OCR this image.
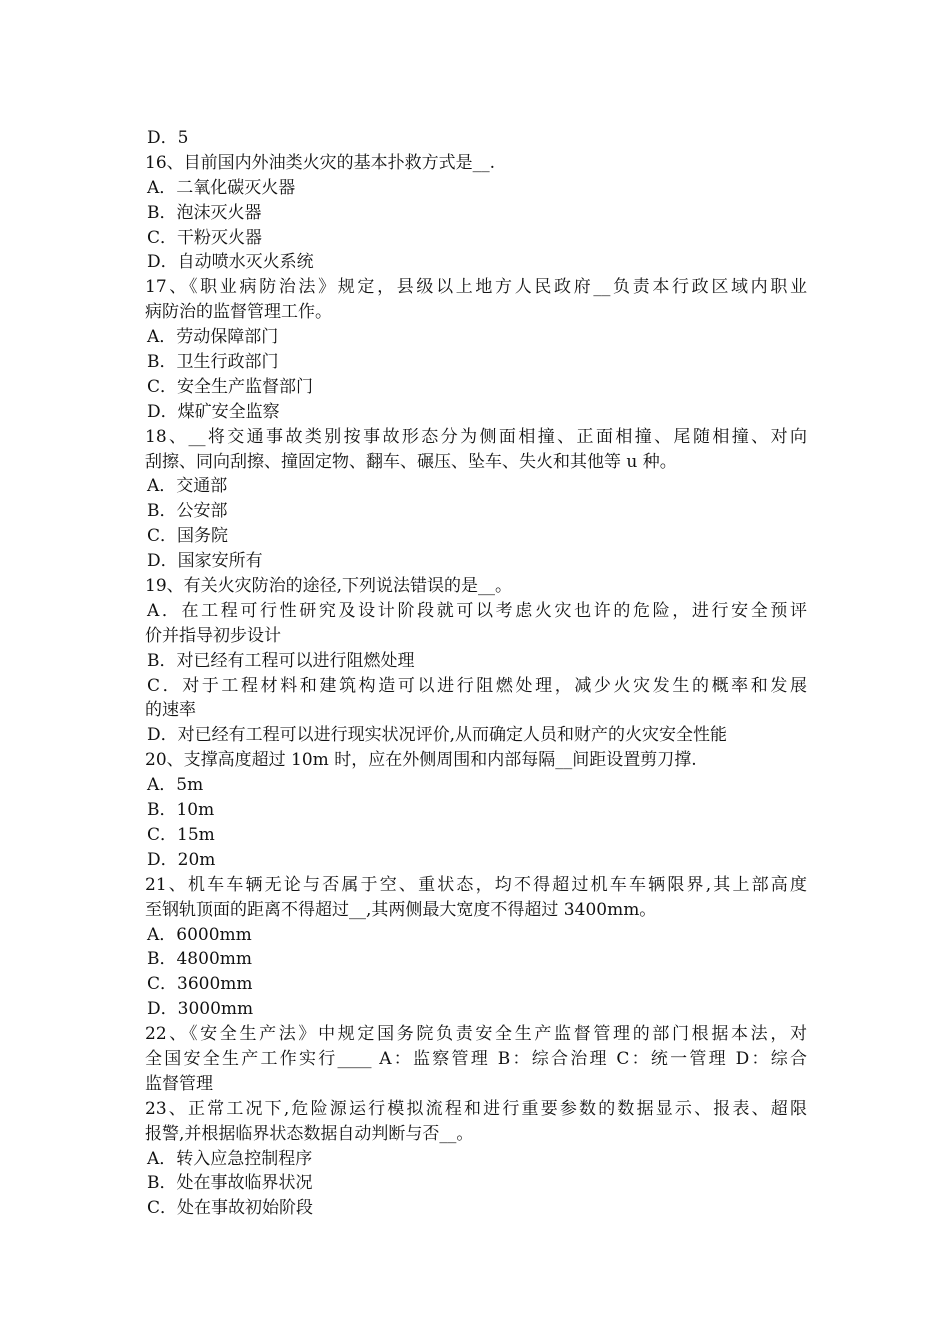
D．5
16、目前国内外油类火灾的基本扑救方式是__.
A．二氧化碳灭火器
B．泡沫灭火器
C．干粉灭火器
D．自动喷水灭火系统
17、《职业病防治法》规定，县级以上地方人民政府__负责本行政区域内职业
病防治的监督管理工作。
A．劳动保障部门
B．卫生行政部门
C．安全生产监督部门
D．煤矿安全监察
18、__将交通事故类别按事故形态分为侧面相撞、正面相撞、尾随相撞、对向
刮擦、同向刮擦、撞固定物、翻车、碾压、坠车、失火和其他等 u 种。
A．交通部
B．公安部
C．国务院
D．国家安所有
19、有关火灾防治的途径,下列说法错误的是__。
A．在工程可行性研究及设计阶段就可以考虑火灾也许的危险，进行安全预评
价并指导初步设计
B．对已经有工程可以进行阻燃处理
C．对于工程材料和建筑构造可以进行阻燃处理，减少火灾发生的概率和发展
的速率
D．对已经有工程可以进行现实状况评价,从而确定人员和财产的火灾安全性能
20、支撑高度超过 10m 时，应在外侧周围和内部每隔__间距设置剪刀撑.
A．5m
B．10m
C．15m
D．20m
21、机车车辆无论与否属于空、重状态，均不得超过机车车辆限界,其上部高度
至钢轨顶面的距离不得超过__,其两侧最大宽度不得超过 3400mm。
A．6000mm
B．4800mm
C．3600mm
D．3000mm
22、《安全生产法》中规定国务院负责安全生产监督管理的部门根据本法，对
全国安全生产工作实行____ A：监察管理 B：综合治理 C：统一管理 D：综合
监督管理
23、正常工况下,危险源运行模拟流程和进行重要参数的数据显示、报表、超限
报警,并根据临界状态数据自动判断与否__。
A．转入应急控制程序
B．处在事故临界状况
C．处在事故初始阶段
